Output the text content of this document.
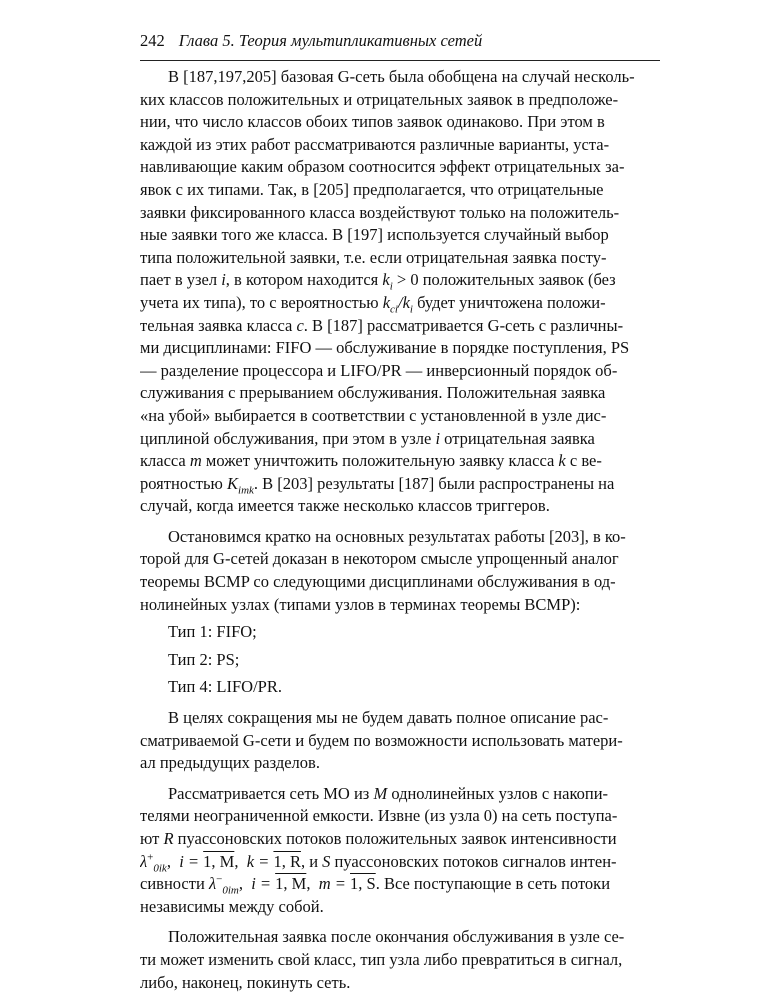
242 Глава 5. Теория мультипликативных сетей
В [187,197,205] базовая G-сеть была обобщена на случай несколь-
ких классов положительных и отрицательных заявок в предположе-
нии, что число классов обоих типов заявок одинаково. При этом в
каждой из этих работ рассматриваются различные варианты, уста-
навливающие каким образом соотносится эффект отрицательных за-
явок с их типами. Так, в [205] предполагается, что отрицательные
заявки фиксированного класса воздействуют только на положитель-
ные заявки того же класса. В [197] используется случайный выбор
типа положительной заявки, т.е. если отрицательная заявка посту-
пает в узел i, в котором находится $k_i > 0$ положительных заявок (без
учета их типа), то с вероятностью $k_{ci}/k_i$ будет уничтожена положи-
тельная заявка класса c. В [187] рассматривается G-сеть с различны-
ми дисциплинами: FIFO — обслуживание в порядке поступления, PS
— разделение процессора и LIFO/PR — инверсионный порядок об-
служивания с прерыванием обслуживания. Положительная заявка
«на убой» выбирается в соответствии с установленной в узле дис-
циплиной обслуживания, при этом в узле i отрицательная заявка
класса m может уничтожить положительную заявку класса k с ве-
роятностью $K_{imk}$. В [203] результаты [187] были распространены на
случай, когда имеется также несколько классов триггеров.
Остановимся кратко на основных результатах работы [203], в ко-
торой для G-сетей доказан в некотором смысле упрощенный аналог
теоремы BCMP со следующими дисциплинами обслуживания в од-
нолинейных узлах (типами узлов в терминах теоремы BCMP):
Тип 1: FIFO;
Тип 2: PS;
Тип 4: LIFO/PR.
В целях сокращения мы не будем давать полное описание рас-
сматриваемой G-сети и будем по возможности использовать матери-
ал предыдущих разделов.
Рассматривается сеть МО из M однолинейных узлов с накопи-
телями неограниченной емкости. Извне (из узла 0) на сеть поступа-
ют R пуассоновских потоков положительных заявок интенсивности
$\lambda^+_{0ik}$, i = 1, M, k = 1, R, и S пуассоновских потоков сигналов интен-
сивности $\lambda^-_{0im}$, i = 1, M, m = 1, S. Все поступающие в сеть потоки
независимы между собой.
Положительная заявка после окончания обслуживания в узле се-
ти может изменить свой класс, тип узла либо превратиться в сигнал,
либо, наконец, покинуть сеть.
